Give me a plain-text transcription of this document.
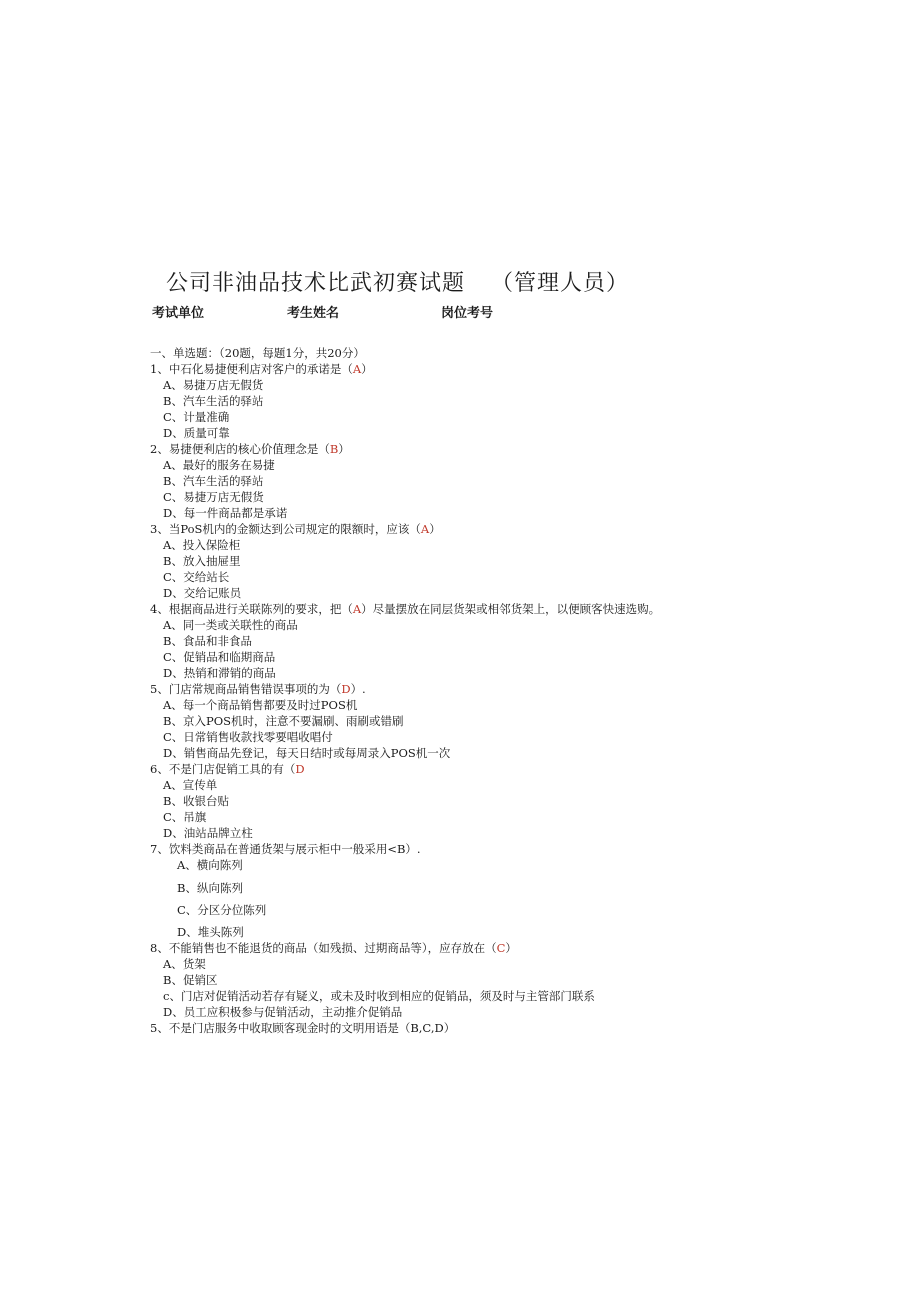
公司非油品技术比武初赛试题 （管理人员）
考试单位	考生姓名	岗位考号
一、单选题：（20题，每题1分，共20分）
1、中石化易捷便利店对客户的承诺是（A）
A、易捷万店无假货
B、汽车生活的驿站
C、计量准确
D、质量可靠
2、易捷便利店的核心价值理念是（B）
A、最好的服务在易捷
B、汽车生活的驿站
C、易捷万店无假货
D、每一件商品都是承诺
3、当PoS机内的金额达到公司规定的限额时，应该（A）
A、投入保险柜
B、放入抽屉里
C、交给站长
D、交给记账员
4、根据商品进行关联陈列的要求，把（A）尽量摆放在同层货架或相邻货架上，以便顾客快速选购。
A、同一类或关联性的商品
B、食品和非食品
C、促销品和临期商品
D、热销和滞销的商品
5、门店常规商品销售错误事项的为（D）.
A、每一个商品销售都要及时过POS机
B、京入POS机时，注意不要漏刷、雨刷或错刷
C、日常销售收款找零要唱收唱付
D、销售商品先登记，每天日结时或每周录入POS机一次
6、不是门店促销工具的有（D
A、宣传单
B、收银台贴
C、吊旗
D、油站品牌立柱
7、饮料类商品在普通货架与展示柜中一般采用<B）.
A、横向陈列
B、纵向陈列
C、分区分位陈列
D、堆头陈列
8、不能销售也不能退货的商品（如残损、过期商品等），应存放在（C）
A、货架
B、促销区
c、门店对促销活动若存有疑义，或未及时收到相应的促销品，须及时与主管部门联系
D、员工应积极参与促销活动，主动推介促销品
5、不是门店服务中收取顾客现金时的文明用语是（B,C,D）
